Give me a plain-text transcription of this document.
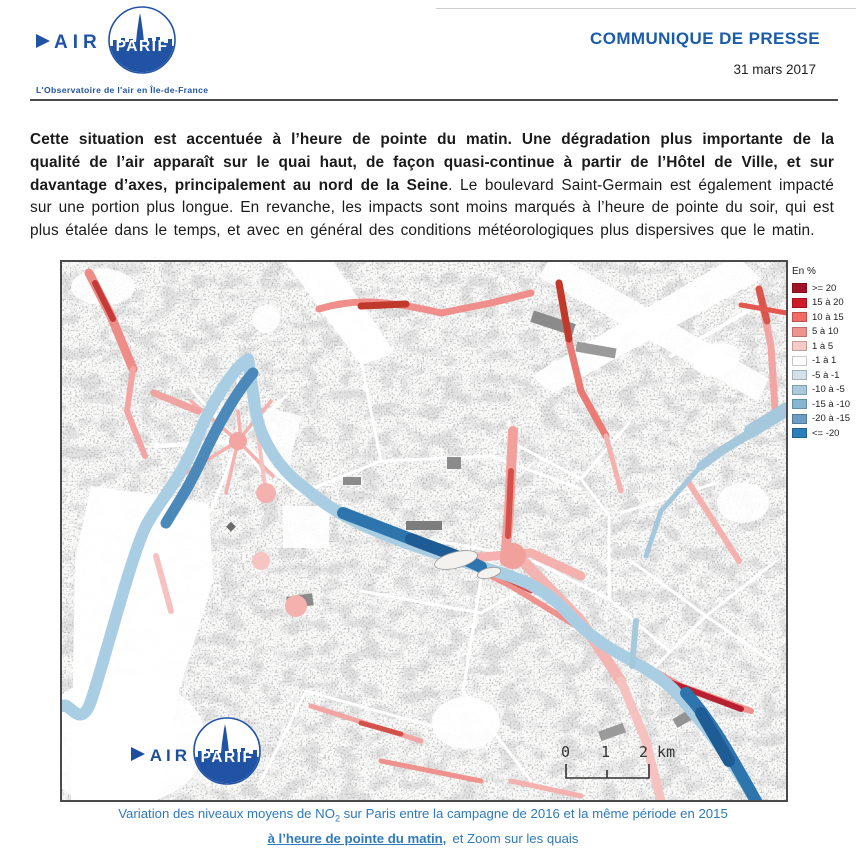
AIR PARIF
L'Observatoire de l'air en Île-de-France
COMMUNIQUE DE PRESSE
31 mars 2017

Cette situation est accentuée à l’heure de pointe du matin. Une dégradation plus importante de la qualité de l’air apparaît sur le quai haut, de façon quasi-continue à partir de l’Hôtel de Ville, et sur davantage d’axes, principalement au nord de la Seine. Le boulevard Saint-Germain est également impacté sur une portion plus longue. En revanche, les impacts sont moins marqués à l’heure de pointe du soir, qui est plus étalée dans le temps, et avec en général des conditions météorologiques plus dispersives que le matin.

AIR PARIF	0 1 2 km
En %
>= 20
15 à 20
10 à 15
5 à 10
1 à 5
-1 à 1
-5 à -1
-10 à -5
-15 à -10
-20 à -15
<= -20
Variation des niveaux moyens de $NO_2$ sur Paris entre la campagne de 2016 et la même période en 2015
à l’heure de pointe du matin, et Zoom sur les quais
